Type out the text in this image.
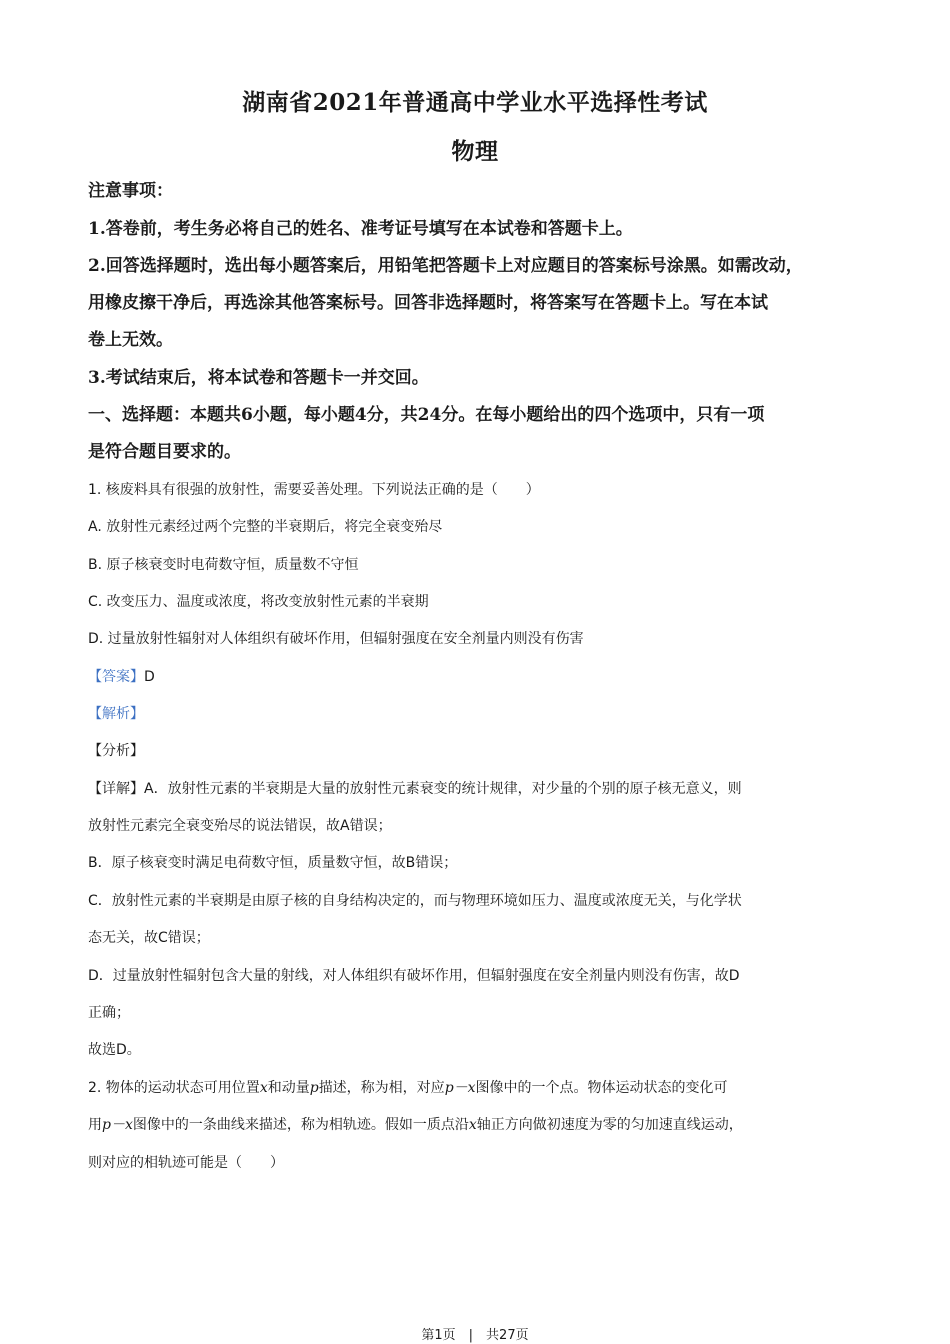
湖南省2021年普通高中学业水平选择性考试
物理
注意事项：
1.答卷前，考生务必将自己的姓名、准考证号填写在本试卷和答题卡上。
2.回答选择题时，选出每小题答案后，用铅笔把答题卡上对应题目的答案标号涂黑。如需改动，
用橡皮擦干净后，再选涂其他答案标号。回答非选择题时，将答案写在答题卡上。写在本试
卷上无效。
3.考试结束后，将本试卷和答题卡一并交回。
一、选择题：本题共6小题，每小题4分，共24分。在每小题给出的四个选项中，只有一项
是符合题目要求的。
1. 核废料具有很强的放射性，需要妥善处理。下列说法正确的是（　　）
A. 放射性元素经过两个完整的半衰期后，将完全衰变殆尽
B. 原子核衰变时电荷数守恒，质量数不守恒
C. 改变压力、温度或浓度，将改变放射性元素的半衰期
D. 过量放射性辐射对人体组织有破坏作用，但辐射强度在安全剂量内则没有伤害
【答案】D
【解析】
【分析】
【详解】A．放射性元素的半衰期是大量的放射性元素衰变的统计规律，对少量的个别的原子核无意义，则
放射性元素完全衰变殆尽的说法错误，故A错误；
B．原子核衰变时满足电荷数守恒，质量数守恒，故B错误；
C．放射性元素的半衰期是由原子核的自身结构决定的，而与物理环境如压力、温度或浓度无关，与化学状
态无关，故C错误；
D．过量放射性辐射包含大量的射线，对人体组织有破坏作用，但辐射强度在安全剂量内则没有伤害，故D
正确；
故选D。
2. 物体的运动状态可用位置x和动量p描述，称为相，对应p－x图像中的一个点。物体运动状态的变化可
用p－x图像中的一条曲线来描述，称为相轨迹。假如一质点沿x轴正方向做初速度为零的匀加速直线运动，
则对应的相轨迹可能是（　　）
第1页　|　共27页
